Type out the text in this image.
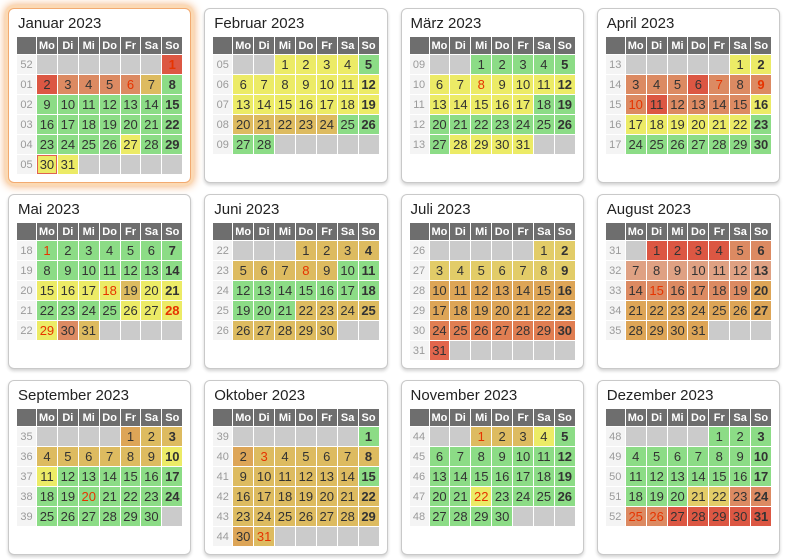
Januar 2023
	Mo	Di	Mi	Do	Fr	Sa	So
52							1
01	2	3	4	5	6	7	8
02	9	10	11	12	13	14	15
03	16	17	18	19	20	21	22
04	23	24	25	26	27	28	29
05	30	31					
Februar 2023
	Mo	Di	Mi	Do	Fr	Sa	So
05			1	2	3	4	5
06	6	7	8	9	10	11	12
07	13	14	15	16	17	18	19
08	20	21	22	23	24	25	26
09	27	28					
März 2023
	Mo	Di	Mi	Do	Fr	Sa	So
09			1	2	3	4	5
10	6	7	8	9	10	11	12
11	13	14	15	16	17	18	19
12	20	21	22	23	24	25	26
13	27	28	29	30	31		
April 2023
	Mo	Di	Mi	Do	Fr	Sa	So
13						1	2
14	3	4	5	6	7	8	9
15	10	11	12	13	14	15	16
16	17	18	19	20	21	22	23
17	24	25	26	27	28	29	30
Mai 2023
	Mo	Di	Mi	Do	Fr	Sa	So
18	1	2	3	4	5	6	7
19	8	9	10	11	12	13	14
20	15	16	17	18	19	20	21
21	22	23	24	25	26	27	28
22	29	30	31				
Juni 2023
	Mo	Di	Mi	Do	Fr	Sa	So
22				1	2	3	4
23	5	6	7	8	9	10	11
24	12	13	14	15	16	17	18
25	19	20	21	22	23	24	25
26	26	27	28	29	30		
Juli 2023
	Mo	Di	Mi	Do	Fr	Sa	So
26						1	2
27	3	4	5	6	7	8	9
28	10	11	12	13	14	15	16
29	17	18	19	20	21	22	23
30	24	25	26	27	28	29	30
31	31						
August 2023
	Mo	Di	Mi	Do	Fr	Sa	So
31		1	2	3	4	5	6
32	7	8	9	10	11	12	13
33	14	15	16	17	18	19	20
34	21	22	23	24	25	26	27
35	28	29	30	31			
September 2023
	Mo	Di	Mi	Do	Fr	Sa	So
35					1	2	3
36	4	5	6	7	8	9	10
37	11	12	13	14	15	16	17
38	18	19	20	21	22	23	24
39	25	26	27	28	29	30	
Oktober 2023
	Mo	Di	Mi	Do	Fr	Sa	So
39							1
40	2	3	4	5	6	7	8
41	9	10	11	12	13	14	15
42	16	17	18	19	20	21	22
43	23	24	25	26	27	28	29
44	30	31					
November 2023
	Mo	Di	Mi	Do	Fr	Sa	So
44			1	2	3	4	5
45	6	7	8	9	10	11	12
46	13	14	15	16	17	18	19
47	20	21	22	23	24	25	26
48	27	28	29	30			
Dezember 2023
	Mo	Di	Mi	Do	Fr	Sa	So
48					1	2	3
49	4	5	6	7	8	9	10
50	11	12	13	14	15	16	17
51	18	19	20	21	22	23	24
52	25	26	27	28	29	30	31
